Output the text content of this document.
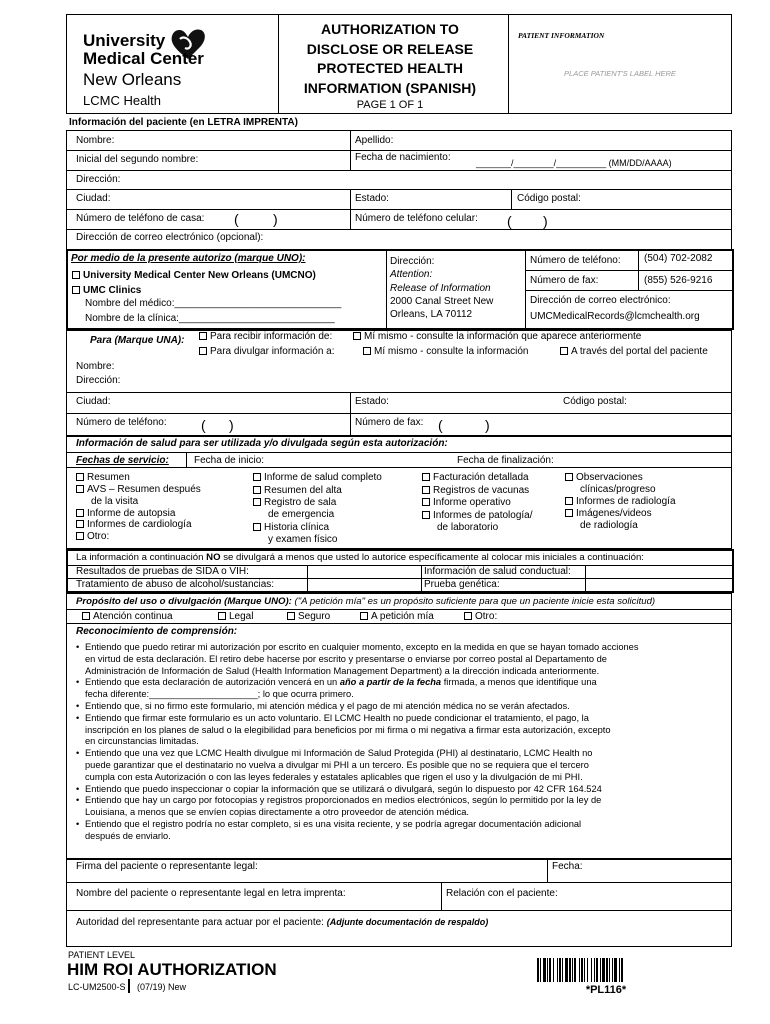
University
Medical Center
New Orleans
LCMC Health
AUTHORIZATION TO
DISCLOSE OR RELEASE
PROTECTED HEALTH
INFORMATION (SPANISH)
PAGE 1 OF 1
PATIENT INFORMATION
PLACE PATIENT'S LABEL HERE
Información del paciente (en LETRA IMPRENTA)
Nombre:	Apellido:
Inicial del segundo nombre:	Fecha de nacimiento:	_______/________/__________ (MM/DD/AAAA)
Dirección:
Ciudad:	Estado:	Código postal:
Número de teléfono de casa: ( )	Número de teléfono celular: ( )
Dirección de correo electrónico (opcional):
Por medio de la presente autorizo (marque UNO):
University Medical Center New Orleans (UMCNO)
UMC Clinics
Nombre del médico:______________________________
Nombre de la clínica:____________________________
Dirección:
Attention:
Release of Information
2000 Canal Street New
Orleans, LA 70112
Número de teléfono: (504) 702-2082
Número de fax:	(855) 526-9216
Dirección de correo electrónico:
UMCMedicalRecords@lcmchealth.org
Para (Marque UNA):	Para recibir información de:	Mí mismo - consulte la información que aparece anteriormente
Para divulgar información a:	Mí mismo - consulte la información	A través del portal del paciente
Nombre:
Dirección:
Ciudad:	Estado:	Código postal:
Número de teléfono: ( )	Número de fax: (	)
Información de salud para ser utilizada y/o divulgada según esta autorización:
Fechas de servicio:	Fecha de inicio:	Fecha de finalización:
Resumen
AVS – Resumen después
de la visita
Informe de autopsia
Informes de cardiología
Otro:
Informe de salud completo
Resumen del alta
Registro de sala
de emergencia
Historia clínica
y examen físico
Facturación detallada
Registros de vacunas
Informe operativo
Informes de patología/
de laboratorio
Observaciones
clínicas/progreso
Informes de radiología
Imágenes/videos
de radiología
La información a continuación NO se divulgará a menos que usted lo autorice específicamente al colocar mis iniciales a continuación:
Resultados de pruebas de SIDA o VIH:	Información de salud conductual:
Tratamiento de abuso de alcohol/sustancias:	Prueba genética:
Propósito del uso o divulgación (Marque UNO): ("A petición mía" es un propósito suficiente para que un paciente inicie esta solicitud)
Atención continua	Legal	Seguro	A petición mía	Otro:
Reconocimiento de comprensión:
• Entiendo que puedo retirar mi autorización por escrito en cualquier momento, excepto en la medida en que se hayan tomado acciones
en virtud de esta declaración. El retiro debe hacerse por escrito y presentarse o enviarse por correo postal al Departamento de
Administración de Información de Salud (Health Information Management Department) a la dirección indicada anteriormente.
• Entiendo que esta declaración de autorización vencerá en un año a partir de la fecha firmada, a menos que identifique una
fecha diferente:_____________________; lo que ocurra primero.
• Entiendo que, si no firmo este formulario, mi atención médica y el pago de mi atención médica no se verán afectados.
• Entiendo que firmar este formulario es un acto voluntario. El LCMC Health no puede condicionar el tratamiento, el pago, la
inscripción en los planes de salud o la elegibilidad para beneficios por mi firma o mi negativa a firmar esta autorización, excepto
en circunstancias limitadas.
• Entiendo que una vez que LCMC Health divulgue mi Información de Salud Protegida (PHI) al destinatario, LCMC Health no
puede garantizar que el destinatario no vuelva a divulgar mi PHI a un tercero. Es posible que no se requiera que el tercero
cumpla con esta Autorización o con las leyes federales y estatales aplicables que rigen el uso y la divulgación de mi PHI.
• Entiendo que puedo inspeccionar o copiar la información que se utilizará o divulgará, según lo dispuesto por 42 CFR 164.524
• Entiendo que hay un cargo por fotocopias y registros proporcionados en medios electrónicos, según lo permitido por la ley de
Louisiana, a menos que se envíen copias directamente a otro proveedor de atención médica.
• Entiendo que el registro podría no estar completo, si es una visita reciente, y se podría agregar documentación adicional
después de enviarlo.
Firma del paciente o representante legal:	Fecha:
Nombre del paciente o representante legal en letra imprenta:	Relación con el paciente:
Autoridad del representante para actuar por el paciente: (Adjunte documentación de respaldo)
PATIENT LEVEL
HIM ROI AUTHORIZATION
LC-UM2500-S (07/19) New	*PL116*
